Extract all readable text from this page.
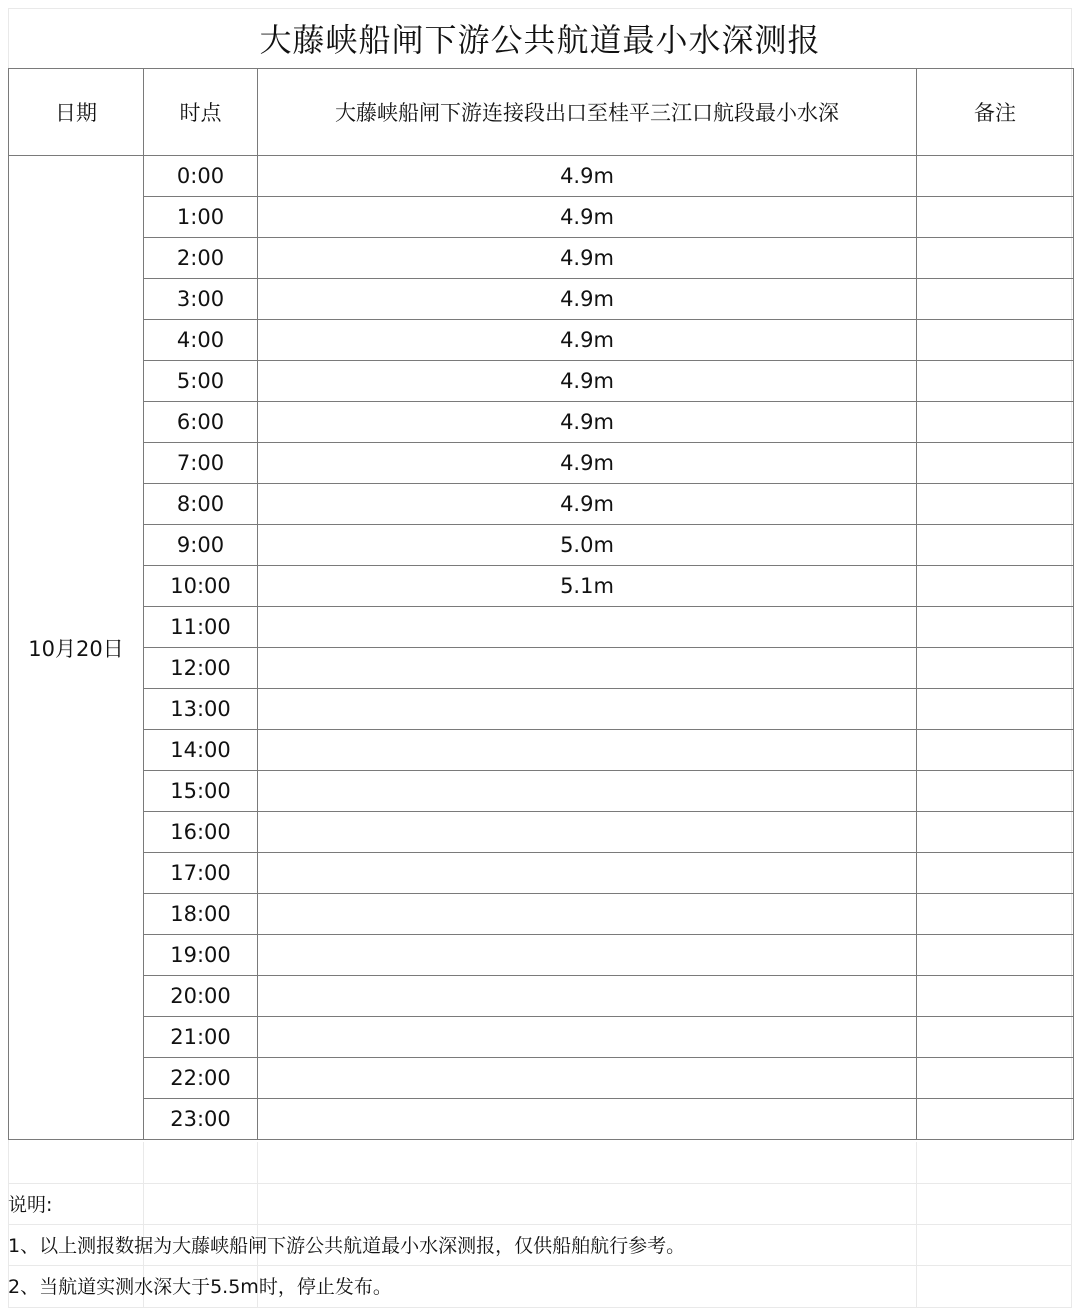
大藤峡船闸下游公共航道最小水深测报
日期	时点	大藤峡船闸下游连接段出口至桂平三江口航段最小水深	备注
10月20日	0:00	4.9m	
	1:00	4.9m	
	2:00	4.9m	
	3:00	4.9m	
	4:00	4.9m	
	5:00	4.9m	
	6:00	4.9m	
	7:00	4.9m	
	8:00	4.9m	
	9:00	5.0m	
	10:00	5.1m	
	11:00		
	12:00		
	13:00		
	14:00		
	15:00		
	16:00		
	17:00		
	18:00		
	19:00		
	20:00		
	21:00		
	22:00		
	23:00		
说明:
1、以上测报数据为大藤峡船闸下游公共航道最小水深测报，仅供船舶航行参考。
2、当航道实测水深大于5.5m时，停止发布。
